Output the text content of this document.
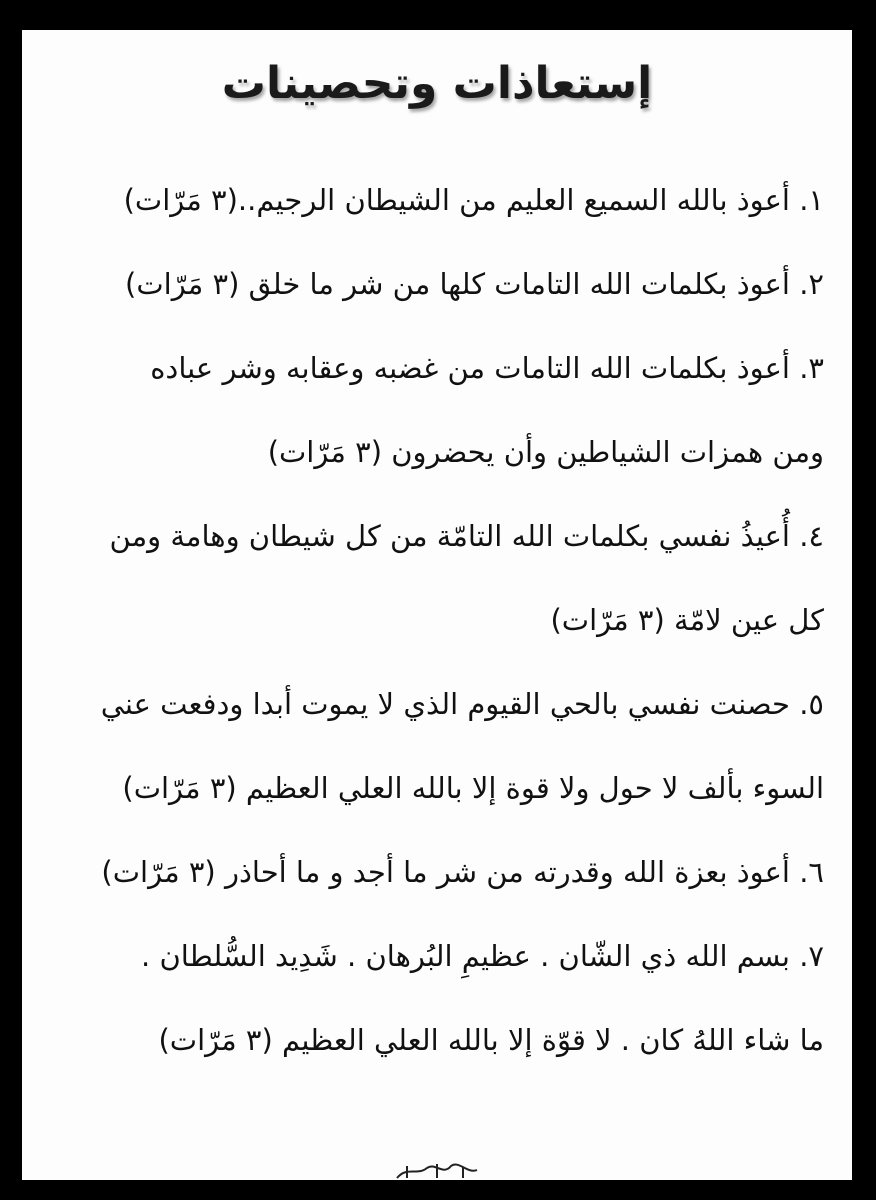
إستعاذات وتحصينات

١. أعوذ بالله السميع العليم من الشيطان الرجيم..(٣ مَرّات)

٢. أعوذ بكلمات الله التامات كلها من شر ما خلق (٣ مَرّات)

٣. أعوذ بكلمات الله التامات من غضبه وعقابه وشر عباده
ومن همزات الشياطين وأن يحضرون (٣ مَرّات)

٤. أُعيذُ نفسي بكلمات الله التامّة من كل شيطان وهامة ومن
كل عين لامّة (٣ مَرّات)

٥. حصنت نفسي بالحي القيوم الذي لا يموت أبدا ودفعت عني
السوء بألف لا حول ولا قوة إلا بالله العلي العظيم (٣ مَرّات)

٦. أعوذ بعزة الله وقدرته من شر ما أجد و ما أحاذر (٣ مَرّات)

٧. بسم الله ذي الشّان . عظيمِ البُرهان . شَدِيد السُّلطان .
ما شاء اللهُ كان . لا قوّة إلا بالله العلي العظيم (٣ مَرّات)
